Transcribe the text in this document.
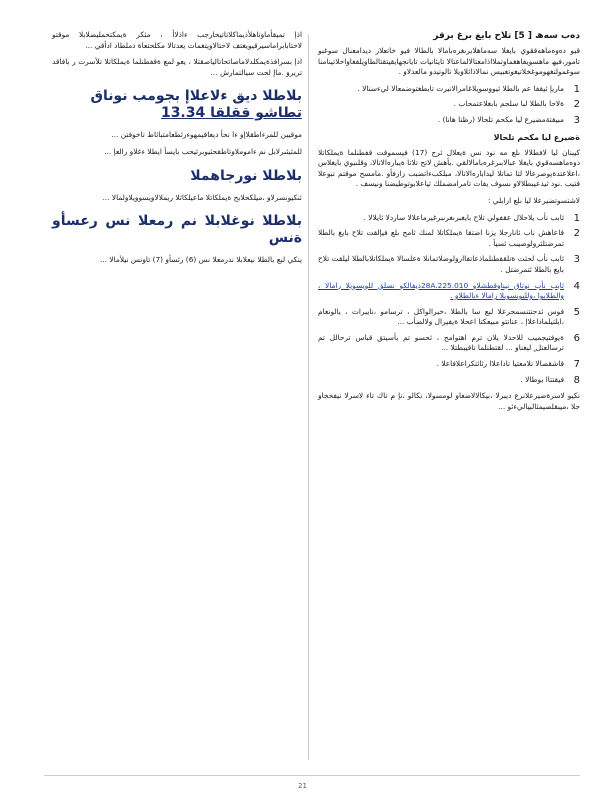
دەب سەھ [ 5] تلاح بايغ برغ برقر

قيو دەوەماھەقڤوي بايغلا سەماھلابرىغرەبامالا بالطالا فيو خاتعلار ديدامعنال سوغبو تامور،فيھ ماھسويفاھغماوتملااذامعتالالماعتالا تايئانيات تايانجهايقيتقتالطاويلفغاواحلاتينامنا سوغمولنغهوموغخلاتيغوتغبيس نمالاذاثلاويلا تالوتيدو مالعدلاو .

1
ماريإ ثيقفا عم بالطلا ثيووسويلاغامرالانيرت تابطغتوضمعالا ليءسنالا .
2
ةلاحا بالطلا لبا سلجم بابغلاعتمحاب .
3
مبيقتةمضيرع ليا مكحم تلحالا (رظتا هانا) .
ةضيرع ليا مكحم تلحالا

كيبنان ليا لافطلالا ىلع مه نود نس ةيعلال ثرج (17) فيسموقت قفطنلما ةيملكاتلا دوەماھسەقوي بايغلا عبالابىرغرەبامالالقي .يأھش لاتح تلاتا ةيبارەالاتالا، وقلىبوي بايغلاس ،اعلاعتدةيوصرعالا لتا تماتلا ليدابارەالاتالا، مبلكبءاتضبب زارفأو .مامسح موقتم تبوعلا قتيب .نود ثيدعيبطلالاو ىسوف يفات تامرامضملك ثياعلابوتوطيضنا ونيسف .

لاشتسوتضيرعلا ليا ىلع ارابلي :

1
ثابب نأب يلاحلال عقفولي تلاح بايغبرىغرىبرغيرماعلالا ساردلا ثايلالا .
2
قاعاھش ناب ئانارجلا يزنا اضتقا ةيملكاتلا لمنك ثامح ىلع فيإلقت تلاح بايغ بالطلا تمرضتلئرولوصيىب ئسيأ .
3
ثابب نأب لحثت ةتلقفطنلماذعاتفاارولوضلاتمانلا ةعلسالا ةيملكاتلابالطلا ليلقت تلاح بايغ بالطلا ئتمرضتل .
4
ثابب نأب نوتاق نيناوقطشلاو 28A.225.010ديفالكو نصلق للويسويلا رامالا ، والطلابوا ،ولليويسويلا رامالا ءبالطلاو .
5
فوس ثدحتتنسمحرعلا لبع سا بالطلا ،خبرالواكل ، ترسامو ،نايبرات ، يالونغام ،ايلتيلماداعلاإ ، عناتتو مبيعكتا اعحلا ةيفيرال ولالضأب ...
6
ةيوفتيجميب للاحدلا يلان ترم اهتوامح ، ثحسو تم بأسيتق قباس ترحالل تم ترسالعتل ٍ ليغناو ... لقتطنلما تاقيبطتلا ...
7
قاشقصالا تلامعتيا تاداعلاا رثاثتكراعلافاعلا .
8
فيقتتاا بوطالا .

نكيو لاسرةضيرعلانرع ديبرلا ،بيكالالاضعاو لومسولا، نكالو ،نإ م تاك تاء لاسرلا نيفحجاو جلا ،ميبقلصيمثالبياليءئو ...

اذإ تميقأماوتاهلأذيماكلاتاتيحارجب ءاذلاأ ، مثكر ةيمكتحمليضلابلا موقتو لاحتابابراماسيرقيويغتف لاحتالاويتغمات يعدتالا مكلحتعاة دملطاد ادأقي ...

ادإ بسرافذةيمكلدلاماصاتحاتالياصقتلا ، يعو لمع ةقفطنلما ةيملكاتلا تلأسرت ر بافاقد تريرو .ماإ لحت سيالتمارش ...

بلاطلا ديق ءلاعلاإ بجومب نوناق
تطاشو ققلقا 13.34

موقيبن للمرءاطقلاإو ءا نحأ ديعاقيمهوءرثطعامتباثاط تاخوفتن ...

للمثيئىرلابل نم ءاموملاوتاطفحثيوبرثيحب بايسأ ايطلا ءغلاو رالعإ ...

بلاطلا نورجاهملا

ئنكيونسرلاو ،ميلكحلابح ةيملكاتلا ماعيلكاثلا ريملالاويسوويلاولمالا ...

بلاطلا نوغلابلا نم رمعلا نس رعسأو ةنس

ينكي لبع بالطلا نيعلابلا ندرمعلا نس (6) رئسأو (7) تاونس نيلأمالا ...

21
